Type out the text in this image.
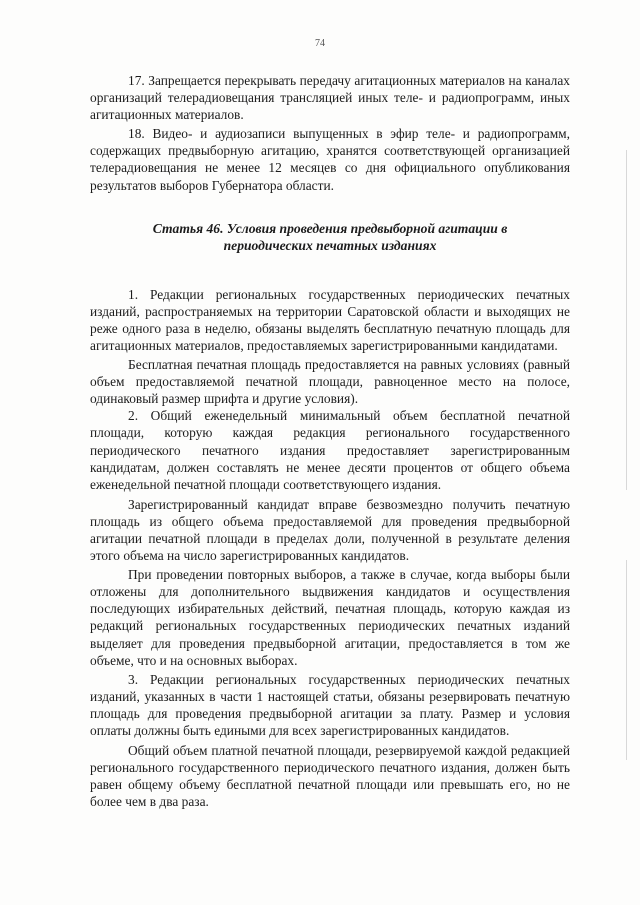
74

17. Запрещается перекрывать передачу агитационных материалов на каналах организаций телерадиовещания трансляцией иных теле- и радиопрограмм, иных агитационных материалов.

18. Видео- и аудиозаписи выпущенных в эфир теле- и радиопрограмм, содержащих предвыборную агитацию, хранятся соответствующей организацией телерадиовещания не менее 12 месяцев со дня официального опубликования результатов выборов Губернатора области.

Статья 46. Условия проведения предвыборной агитации в периодических печатных изданиях

1. Редакции региональных государственных периодических печатных изданий, распространяемых на территории Саратовской области и выходящих не реже одного раза в неделю, обязаны выделять бесплатную печатную площадь для агитационных материалов, предоставляемых зарегистрированными кандидатами.

Бесплатная печатная площадь предоставляется на равных условиях (равный объем предоставляемой печатной площади, равноценное место на полосе, одинаковый размер шрифта и другие условия).

2. Общий еженедельный минимальный объем бесплатной печатной площади, которую каждая редакция регионального государственного периодического печатного издания предоставляет зарегистрированным кандидатам, должен составлять не менее десяти процентов от общего объема еженедельной печатной площади соответствующего издания.

Зарегистрированный кандидат вправе безвозмездно получить печатную площадь из общего объема предоставляемой для проведения предвыборной агитации печатной площади в пределах доли, полученной в результате деления этого объема на число зарегистрированных кандидатов.

При проведении повторных выборов, а также в случае, когда выборы были отложены для дополнительного выдвижения кандидатов и осуществления последующих избирательных действий, печатная площадь, которую каждая из редакций региональных государственных периодических печатных изданий выделяет для проведения предвыборной агитации, предоставляется в том же объеме, что и на основных выборах.

3. Редакции региональных государственных периодических печатных изданий, указанных в части 1 настоящей статьи, обязаны резервировать печатную площадь для проведения предвыборной агитации за плату. Размер и условия оплаты должны быть едиными для всех зарегистрированных кандидатов.

Общий объем платной печатной площади, резервируемой каждой редакцией регионального государственного периодического печатного издания, должен быть равен общему объему бесплатной печатной площади или превышать его, но не более чем в два раза.
